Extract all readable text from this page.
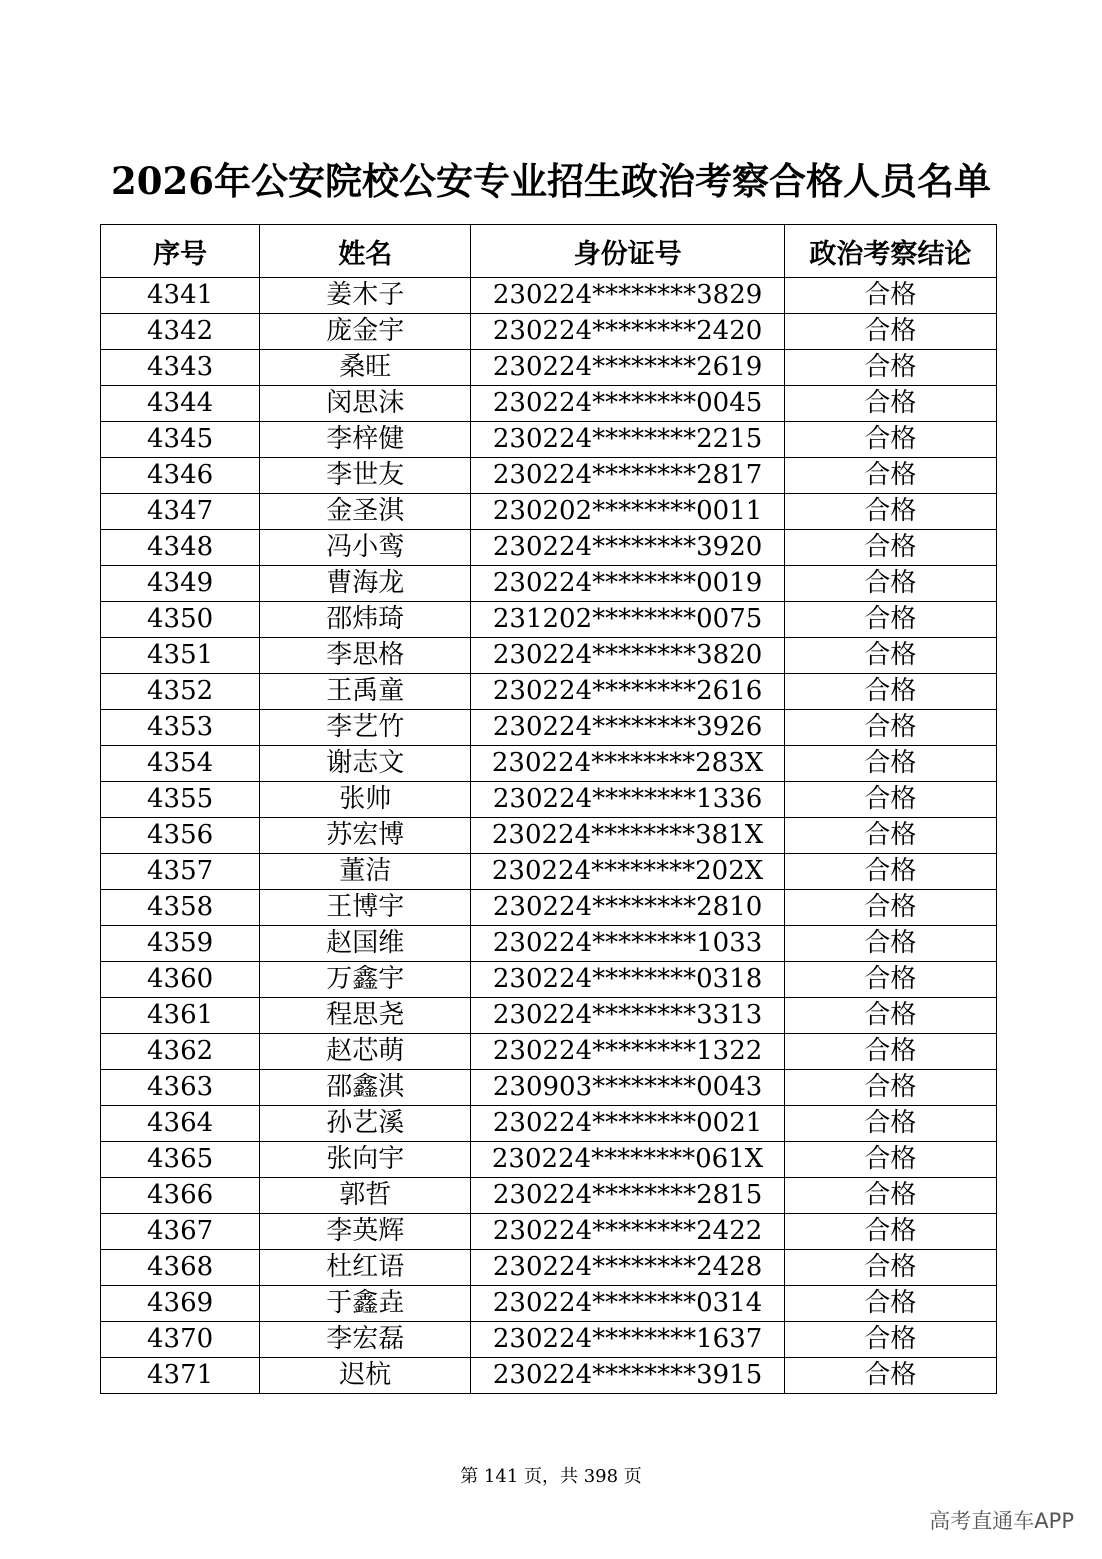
2026年公安院校公安专业招生政治考察合格人员名单
序号	姓名	身份证号	政治考察结论
4341	姜木子	230224********3829	合格
4342	庞金宇	230224********2420	合格
4343	桑旺	230224********2619	合格
4344	闵思沫	230224********0045	合格
4345	李梓健	230224********2215	合格
4346	李世友	230224********2817	合格
4347	金圣淇	230202********0011	合格
4348	冯小鸾	230224********3920	合格
4349	曹海龙	230224********0019	合格
4350	邵炜琦	231202********0075	合格
4351	李思格	230224********3820	合格
4352	王禹童	230224********2616	合格
4353	李艺竹	230224********3926	合格
4354	谢志文	230224********283X	合格
4355	张帅	230224********1336	合格
4356	苏宏博	230224********381X	合格
4357	董洁	230224********202X	合格
4358	王博宇	230224********2810	合格
4359	赵国维	230224********1033	合格
4360	万鑫宇	230224********0318	合格
4361	程思尧	230224********3313	合格
4362	赵芯萌	230224********1322	合格
4363	邵鑫淇	230903********0043	合格
4364	孙艺溪	230224********0021	合格
4365	张向宇	230224********061X	合格
4366	郭哲	230224********2815	合格
4367	李英辉	230224********2422	合格
4368	杜红语	230224********2428	合格
4369	于鑫垚	230224********0314	合格
4370	李宏磊	230224********1637	合格
4371	迟杭	230224********3915	合格
第 141 页，共 398 页
高考直通车APP
